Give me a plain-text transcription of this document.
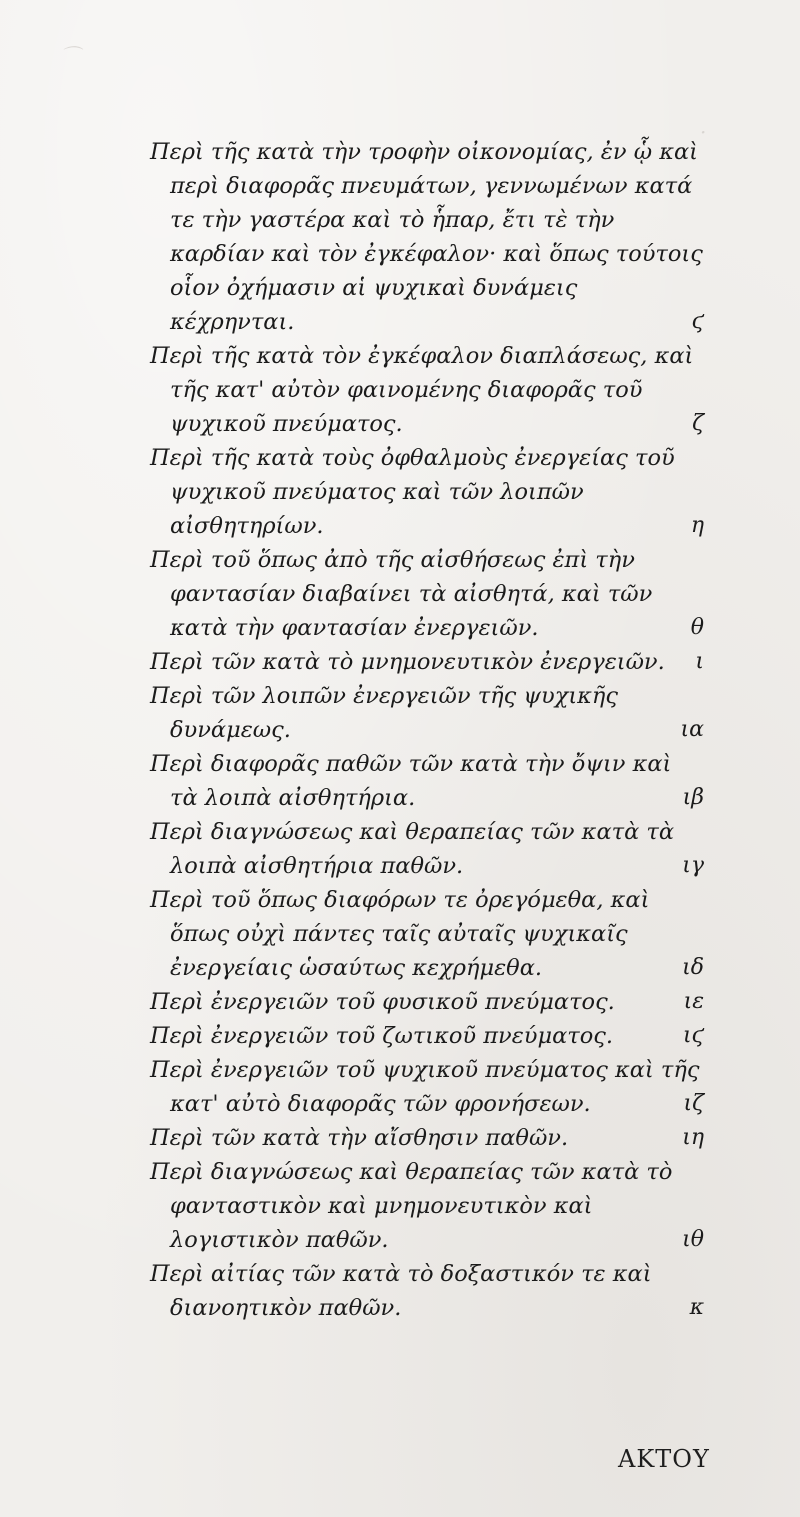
⌒
·
Περὶ τῆς κατὰ τὴν τροφὴν οἰκονομίας, ἐν ᾧ καὶ περὶ διαφορᾶς πνευμάτων, γεννωμένων κατά τε τὴν γαστέρα καὶ τὸ ἧπαρ, ἔτι τὲ τὴν καρδίαν καὶ τὸν ἐγκέφαλον· καὶ ὅπως τούτοις οἷον ὀχήμασιν αἱ ψυχικαὶ δυνάμεις κέχρηνται.	ϛ
Περὶ τῆς κατὰ τὸν ἐγκέφαλον διαπλάσεως, καὶ τῆς κατ' αὐτὸν φαινομένης διαφορᾶς τοῦ ψυχικοῦ πνεύματος.	ζ
Περὶ τῆς κατὰ τοὺς ὀφθαλμοὺς ἐνεργείας τοῦ ψυχικοῦ πνεύματος καὶ τῶν λοιπῶν αἰσθητηρίων.	η
Περὶ τοῦ ὅπως ἀπὸ τῆς αἰσθήσεως ἐπὶ τὴν φαντασίαν διαβαίνει τὰ αἰσθητά, καὶ τῶν κατὰ τὴν φαντασίαν ἐνεργειῶν.	θ
Περὶ τῶν κατὰ τὸ μνημονευτικὸν ἐνεργειῶν.	ι
Περὶ τῶν λοιπῶν ἐνεργειῶν τῆς ψυχικῆς δυνάμεως.	ια
Περὶ διαφορᾶς παθῶν τῶν κατὰ τὴν ὄψιν καὶ τὰ λοιπὰ αἰσθητήρια.	ιβ
Περὶ διαγνώσεως καὶ θεραπείας τῶν κατὰ τὰ λοιπὰ αἰσθητήρια παθῶν.	ιγ
Περὶ τοῦ ὅπως διαφόρων τε ὀρεγόμεθα, καὶ ὅπως οὐχὶ πάντες ταῖς αὐταῖς ψυχικαῖς ἐνεργείαις ὡσαύτως κεχρήμεθα.	ιδ
Περὶ ἐνεργειῶν τοῦ φυσικοῦ πνεύματος.	ιε
Περὶ ἐνεργειῶν τοῦ ζωτικοῦ πνεύματος.	ιϛ
Περὶ ἐνεργειῶν τοῦ ψυχικοῦ πνεύματος καὶ τῆς κατ' αὐτὸ διαφορᾶς τῶν φρονήσεων.	ιζ
Περὶ τῶν κατὰ τὴν αἴσθησιν παθῶν.	ιη
Περὶ διαγνώσεως καὶ θεραπείας τῶν κατὰ τὸ φανταστικὸν καὶ μνημονευτικὸν καὶ λογιστικὸν παθῶν.	ιθ
Περὶ αἰτίας τῶν κατὰ τὸ δοξαστικόν τε καὶ διανοητικὸν παθῶν.	κ
ΑΚΤΟΥ
